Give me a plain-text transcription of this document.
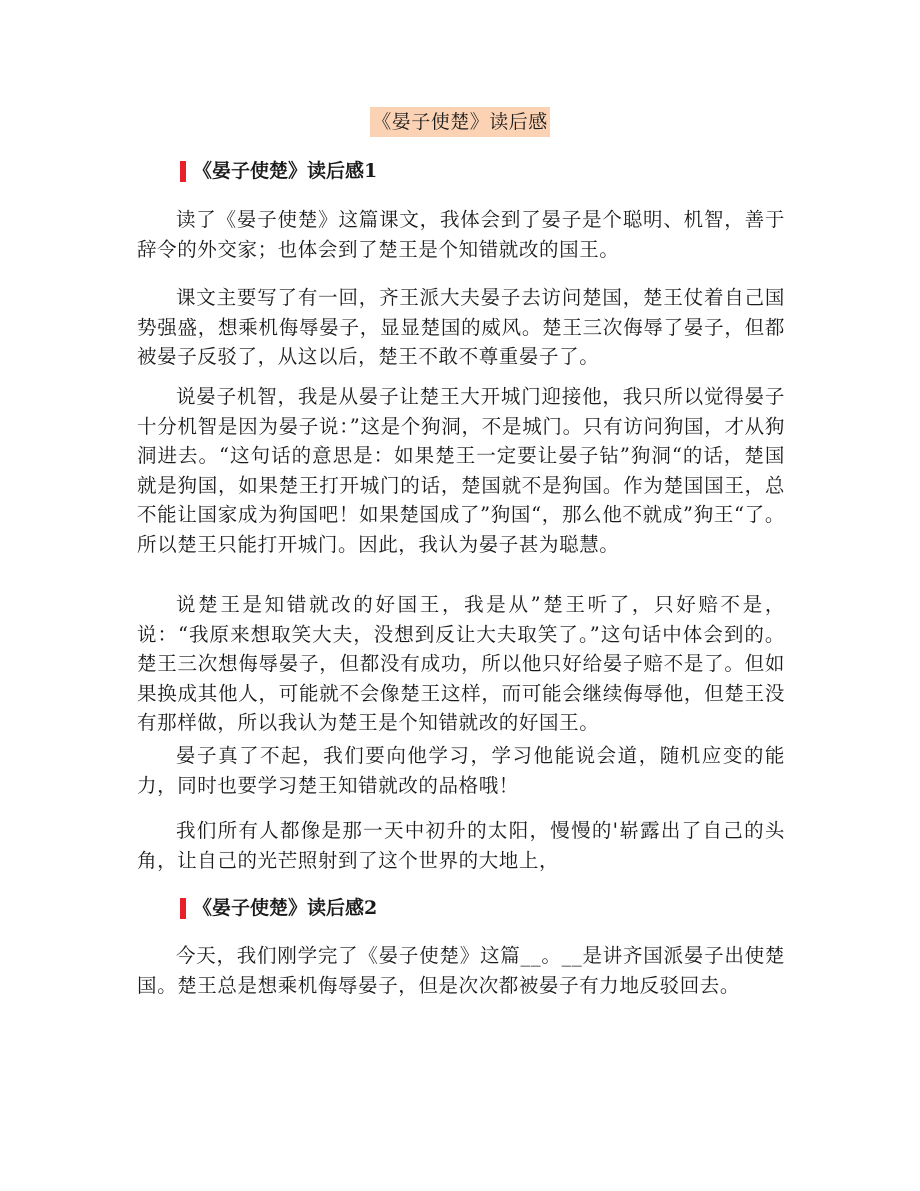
《晏子使楚》读后感
《晏子使楚》读后感1

读了《晏子使楚》这篇课文，我体会到了晏子是个聪明、机智，善于辞令的外交家；也体会到了楚王是个知错就改的国王。

课文主要写了有一回，齐王派大夫晏子去访问楚国，楚王仗着自己国势强盛，想乘机侮辱晏子，显显楚国的威风。楚王三次侮辱了晏子，但都被晏子反驳了，从这以后，楚王不敢不尊重晏子了。

说晏子机智，我是从晏子让楚王大开城门迎接他，我只所以觉得晏子十分机智是因为晏子说：”这是个狗洞，不是城门。只有访问狗国，才从狗洞进去。“这句话的意思是：如果楚王一定要让晏子钻”狗洞“的话，楚国就是狗国，如果楚王打开城门的话，楚国就不是狗国。作为楚国国王，总不能让国家成为狗国吧！如果楚国成了”狗国“，那么他不就成”狗王“了。所以楚王只能打开城门。因此，我认为晏子甚为聪慧。

说楚王是知错就改的好国王，我是从”楚王听了，只好赔不是，说：“我原来想取笑大夫，没想到反让大夫取笑了。”这句话中体会到的。楚王三次想侮辱晏子，但都没有成功，所以他只好给晏子赔不是了。但如果换成其他人，可能就不会像楚王这样，而可能会继续侮辱他，但楚王没有那样做，所以我认为楚王是个知错就改的好国王。

晏子真了不起，我们要向他学习，学习他能说会道，随机应变的能力，同时也要学习楚王知错就改的品格哦！

我们所有人都像是那一天中初升的太阳，慢慢的'崭露出了自己的头角，让自己的光芒照射到了这个世界的大地上，

《晏子使楚》读后感2

今天，我们刚学完了《晏子使楚》这篇__。__是讲齐国派晏子出使楚国。楚王总是想乘机侮辱晏子，但是次次都被晏子有力地反驳回去。
